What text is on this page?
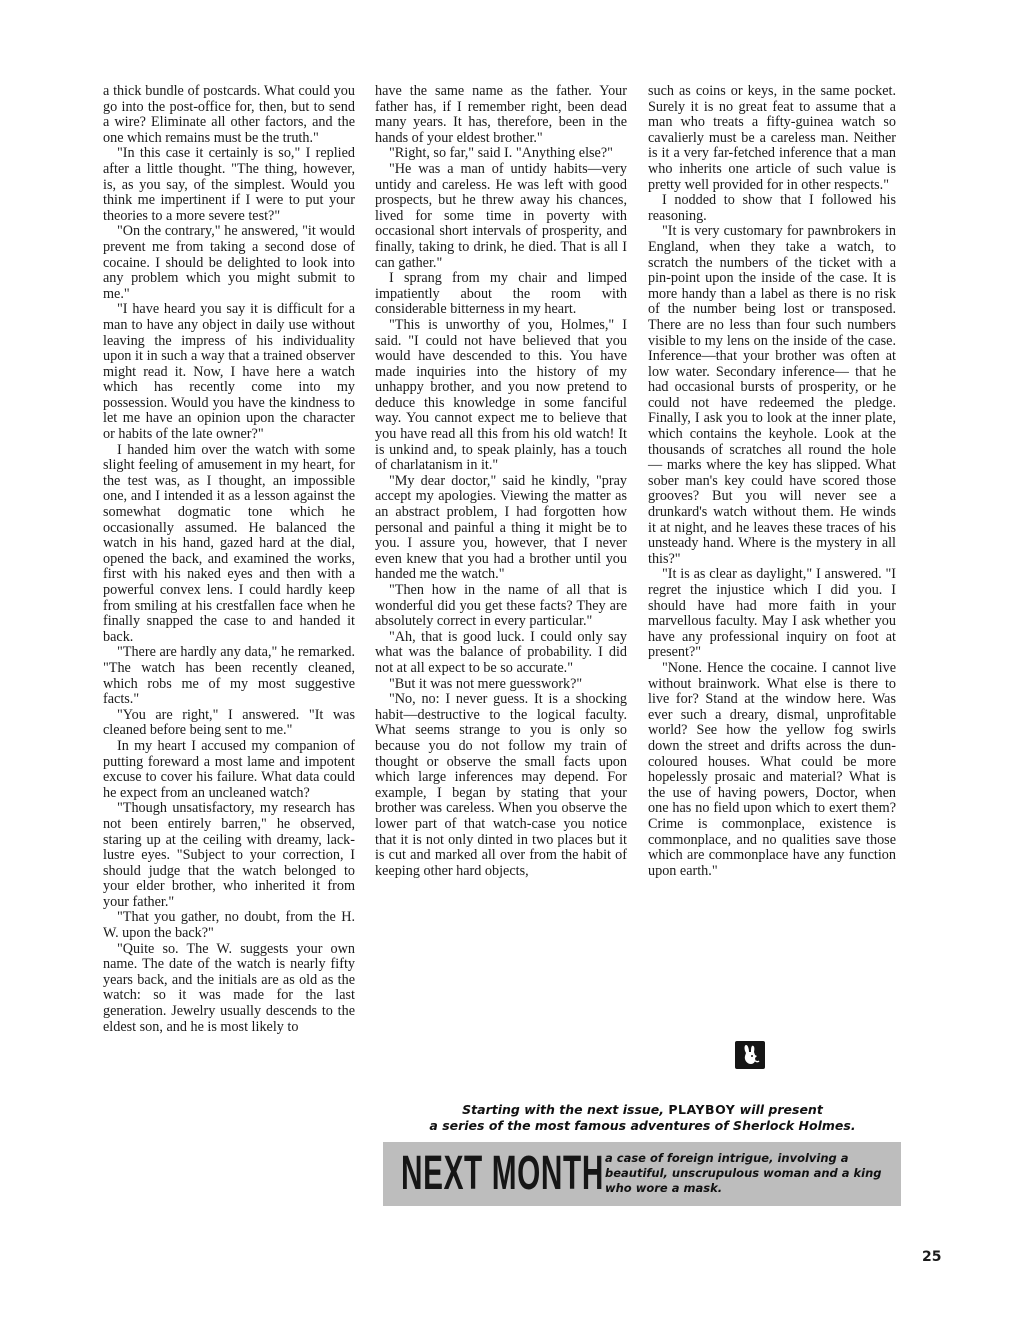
a thick bundle of postcards. What could you go into the post-office for, then, but to send a wire? Eliminate all other factors, and the one which remains must be the truth."

"In this case it certainly is so," I replied after a little thought. "The thing, however, is, as you say, of the simplest. Would you think me impertinent if I were to put your theories to a more severe test?"

"On the contrary," he answered, "it would prevent me from taking a second dose of cocaine. I should be delighted to look into any problem which you might submit to me."

"I have heard you say it is difficult for a man to have any object in daily use without leaving the impress of his individuality upon it in such a way that a trained observer might read it. Now, I have here a watch which has recently come into my possession. Would you have the kindness to let me have an opinion upon the character or habits of the late owner?"

I handed him over the watch with some slight feeling of amusement in my heart, for the test was, as I thought, an impossible one, and I intended it as a lesson against the somewhat dogmatic tone which he occasionally assumed. He balanced the watch in his hand, gazed hard at the dial, opened the back, and examined the works, first with his naked eyes and then with a powerful convex lens. I could hardly keep from smiling at his crestfallen face when he finally snapped the case to and handed it back.

"There are hardly any data," he remarked. "The watch has been recently cleaned, which robs me of my most suggestive facts."

"You are right," I answered. "It was cleaned before being sent to me."

In my heart I accused my companion of putting foreward a most lame and impotent excuse to cover his failure. What data could he expect from an uncleaned watch?

"Though unsatisfactory, my research has not been entirely barren," he observed, staring up at the ceiling with dreamy, lack-lustre eyes. "Subject to your correction, I should judge that the watch belonged to your elder brother, who inherited it from your father."

"That you gather, no doubt, from the H. W. upon the back?"

"Quite so. The W. suggests your own name. The date of the watch is nearly fifty years back, and the initials are as old as the watch: so it was made for the last generation. Jewelry usually descends to the eldest son, and he is most likely to

have the same name as the father. Your father has, if I remember right, been dead many years. It has, therefore, been in the hands of your eldest brother."

"Right, so far," said I. "Anything else?"

"He was a man of untidy habits—very untidy and careless. He was left with good prospects, but he threw away his chances, lived for some time in poverty with occasional short intervals of prosperity, and finally, taking to drink, he died. That is all I can gather."

I sprang from my chair and limped impatiently about the room with considerable bitterness in my heart.

"This is unworthy of you, Holmes," I said. "I could not have believed that you would have descended to this. You have made inquiries into the history of my unhappy brother, and you now pretend to deduce this knowledge in some fanciful way. You cannot expect me to believe that you have read all this from his old watch! It is unkind and, to speak plainly, has a touch of charlatanism in it."

"My dear doctor," said he kindly, "pray accept my apologies. Viewing the matter as an abstract problem, I had forgotten how personal and painful a thing it might be to you. I assure you, however, that I never even knew that you had a brother until you handed me the watch."

"Then how in the name of all that is wonderful did you get these facts? They are absolutely correct in every particular."

"Ah, that is good luck. I could only say what was the balance of probability. I did not at all expect to be so accurate."

"But it was not mere guesswork?"

"No, no: I never guess. It is a shocking habit—destructive to the logical faculty. What seems strange to you is only so because you do not follow my train of thought or observe the small facts upon which large inferences may depend. For example, I began by stating that your brother was careless. When you observe the lower part of that watch-case you notice that it is not only dinted in two places but it is cut and marked all over from the habit of keeping other hard objects,

such as coins or keys, in the same pocket. Surely it is no great feat to assume that a man who treats a fifty-guinea watch so cavalierly must be a careless man. Neither is it a very far-fetched inference that a man who inherits one article of such value is pretty well provided for in other respects."

I nodded to show that I followed his reasoning.

"It is very customary for pawnbrokers in England, when they take a watch, to scratch the numbers of the ticket with a pin-point upon the inside of the case. It is more handy than a label as there is no risk of the number being lost or transposed. There are no less than four such numbers visible to my lens on the inside of the case. Inference—that your brother was often at low water. Secondary inference— that he had occasional bursts of prosperity, or he could not have redeemed the pledge. Finally, I ask you to look at the inner plate, which contains the keyhole. Look at the thousands of scratches all round the hole — marks where the key has slipped. What sober man's key could have scored those grooves? But you will never see a drunkard's watch without them. He winds it at night, and he leaves these traces of his unsteady hand. Where is the mystery in all this?"

"It is as clear as daylight," I answered. "I regret the injustice which I did you. I should have had more faith in your marvellous faculty. May I ask whether you have any professional inquiry on foot at present?"

"None. Hence the cocaine. I cannot live without brainwork. What else is there to live for? Stand at the window here. Was ever such a dreary, dismal, unprofitable world? See how the yellow fog swirls down the street and drifts across the dun-coloured houses. What could be more hopelessly prosaic and material? What is the use of having powers, Doctor, when one has no field upon which to exert them? Crime is commonplace, existence is commonplace, and no qualities save those which are commonplace have any function upon earth."

Starting with the next issue, PLAYBOY will present
a series of the most famous adventures of Sherlock Holmes.
NEXT MONTH a case of foreign intrigue, involving a beautiful, unscrupulous woman and a king who wore a mask.
25
